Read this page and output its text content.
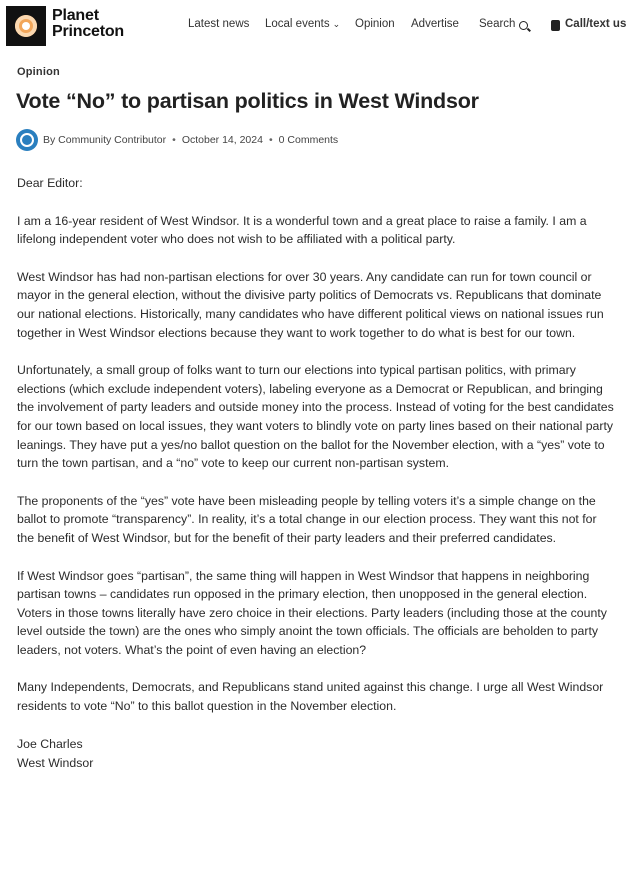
Planet
Princeton	Latest news Local events ⌄ Opinion Advertise Search	Call/text us
Opinion
Vote “No” to partisan politics in West Windsor
By Community Contributor • October 14, 2024 • 0 Comments

Dear Editor:

I am a 16-year resident of West Windsor. It is a wonderful town and a great place to raise a family. I am a lifelong independent voter who does not wish to be affiliated with a political party.

West Windsor has had non-partisan elections for over 30 years. Any candidate can run for town council or mayor in the general election, without the divisive party politics of Democrats vs. Republicans that dominate our national elections. Historically, many candidates who have different political views on national issues run together in West Windsor elections because they want to work together to do what is best for our town.

Unfortunately, a small group of folks want to turn our elections into typical partisan politics, with primary elections (which exclude independent voters), labeling everyone as a Democrat or Republican, and bringing the involvement of party leaders and outside money into the process. Instead of voting for the best candidates for our town based on local issues, they want voters to blindly vote on party lines based on their national party leanings. They have put a yes/no ballot question on the ballot for the November election, with a “yes” vote to turn the town partisan, and a “no” vote to keep our current non-partisan system.

The proponents of the “yes” vote have been misleading people by telling voters it’s a simple change on the ballot to promote “transparency”. In reality, it’s a total change in our election process. They want this not for the benefit of West Windsor, but for the benefit of their party leaders and their preferred candidates.

If West Windsor goes “partisan”, the same thing will happen in West Windsor that happens in neighboring partisan towns – candidates run opposed in the primary election, then unopposed in the general election. Voters in those towns literally have zero choice in their elections. Party leaders (including those at the county level outside the town) are the ones who simply anoint the town officials. The officials are beholden to party leaders, not voters. What’s the point of even having an election?

Many Independents, Democrats, and Republicans stand united against this change. I urge all West Windsor residents to vote “No” to this ballot question in the November election.

Joe Charles
West Windsor
